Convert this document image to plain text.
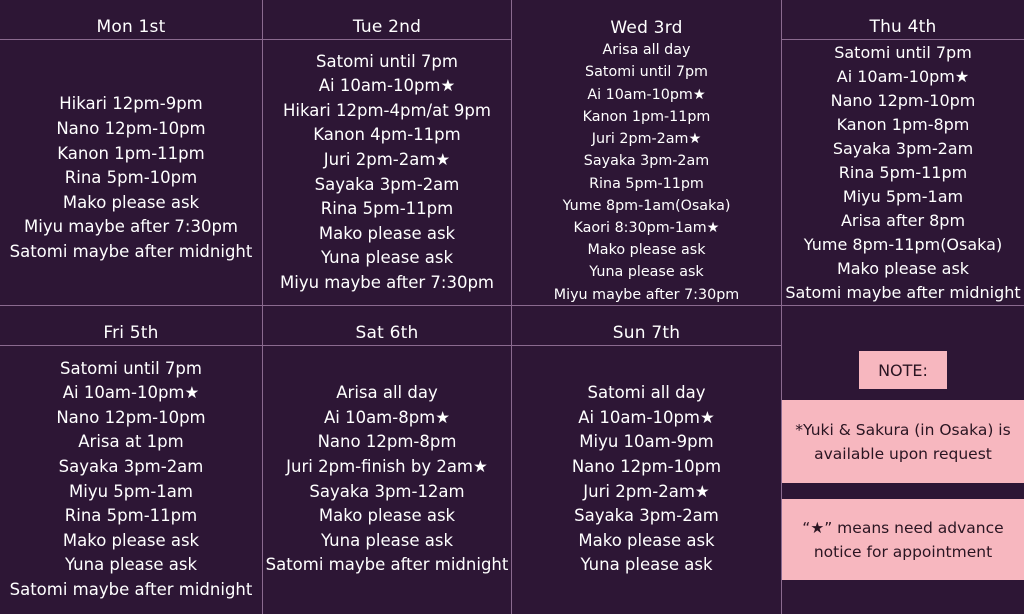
Mon 1st
Hikari 12pm-9pm
Nano 12pm-10pm
Kanon 1pm-11pm
Rina 5pm-10pm
Mako please ask
Miyu maybe after 7:30pm
Satomi maybe after midnight
Tue 2nd
Satomi until 7pm
Ai 10am-10pm★
Hikari 12pm-4pm/at 9pm
Kanon 4pm-11pm
Juri 2pm-2am★
Sayaka 3pm-2am
Rina 5pm-11pm
Mako please ask
Yuna please ask
Miyu maybe after 7:30pm
Wed 3rd
Arisa all day
Satomi until 7pm
Ai 10am-10pm★
Kanon 1pm-11pm
Juri 2pm-2am★
Sayaka 3pm-2am
Rina 5pm-11pm
Yume 8pm-1am(Osaka)
Kaori 8:30pm-1am★
Mako please ask
Yuna please ask
Miyu maybe after 7:30pm
Thu 4th
Satomi until 7pm
Ai 10am-10pm★
Nano 12pm-10pm
Kanon 1pm-8pm
Sayaka 3pm-2am
Rina 5pm-11pm
Miyu 5pm-1am
Arisa after 8pm
Yume 8pm-11pm(Osaka)
Mako please ask
Satomi maybe after midnight
Fri 5th
Satomi until 7pm
Ai 10am-10pm★
Nano 12pm-10pm
Arisa at 1pm
Sayaka 3pm-2am
Miyu 5pm-1am
Rina 5pm-11pm
Mako please ask
Yuna please ask
Satomi maybe after midnight
Sat 6th
Arisa all day
Ai 10am-8pm★
Nano 12pm-8pm
Juri 2pm-finish by 2am★
Sayaka 3pm-12am
Mako please ask
Yuna please ask
Satomi maybe after midnight
Sun 7th
Satomi all day
Ai 10am-10pm★
Miyu 10am-9pm
Nano 12pm-10pm
Juri 2pm-2am★
Sayaka 3pm-2am
Mako please ask
Yuna please ask
NOTE:
*Yuki & Sakura (in Osaka) is
available upon request
“★” means need advance
notice for appointment
